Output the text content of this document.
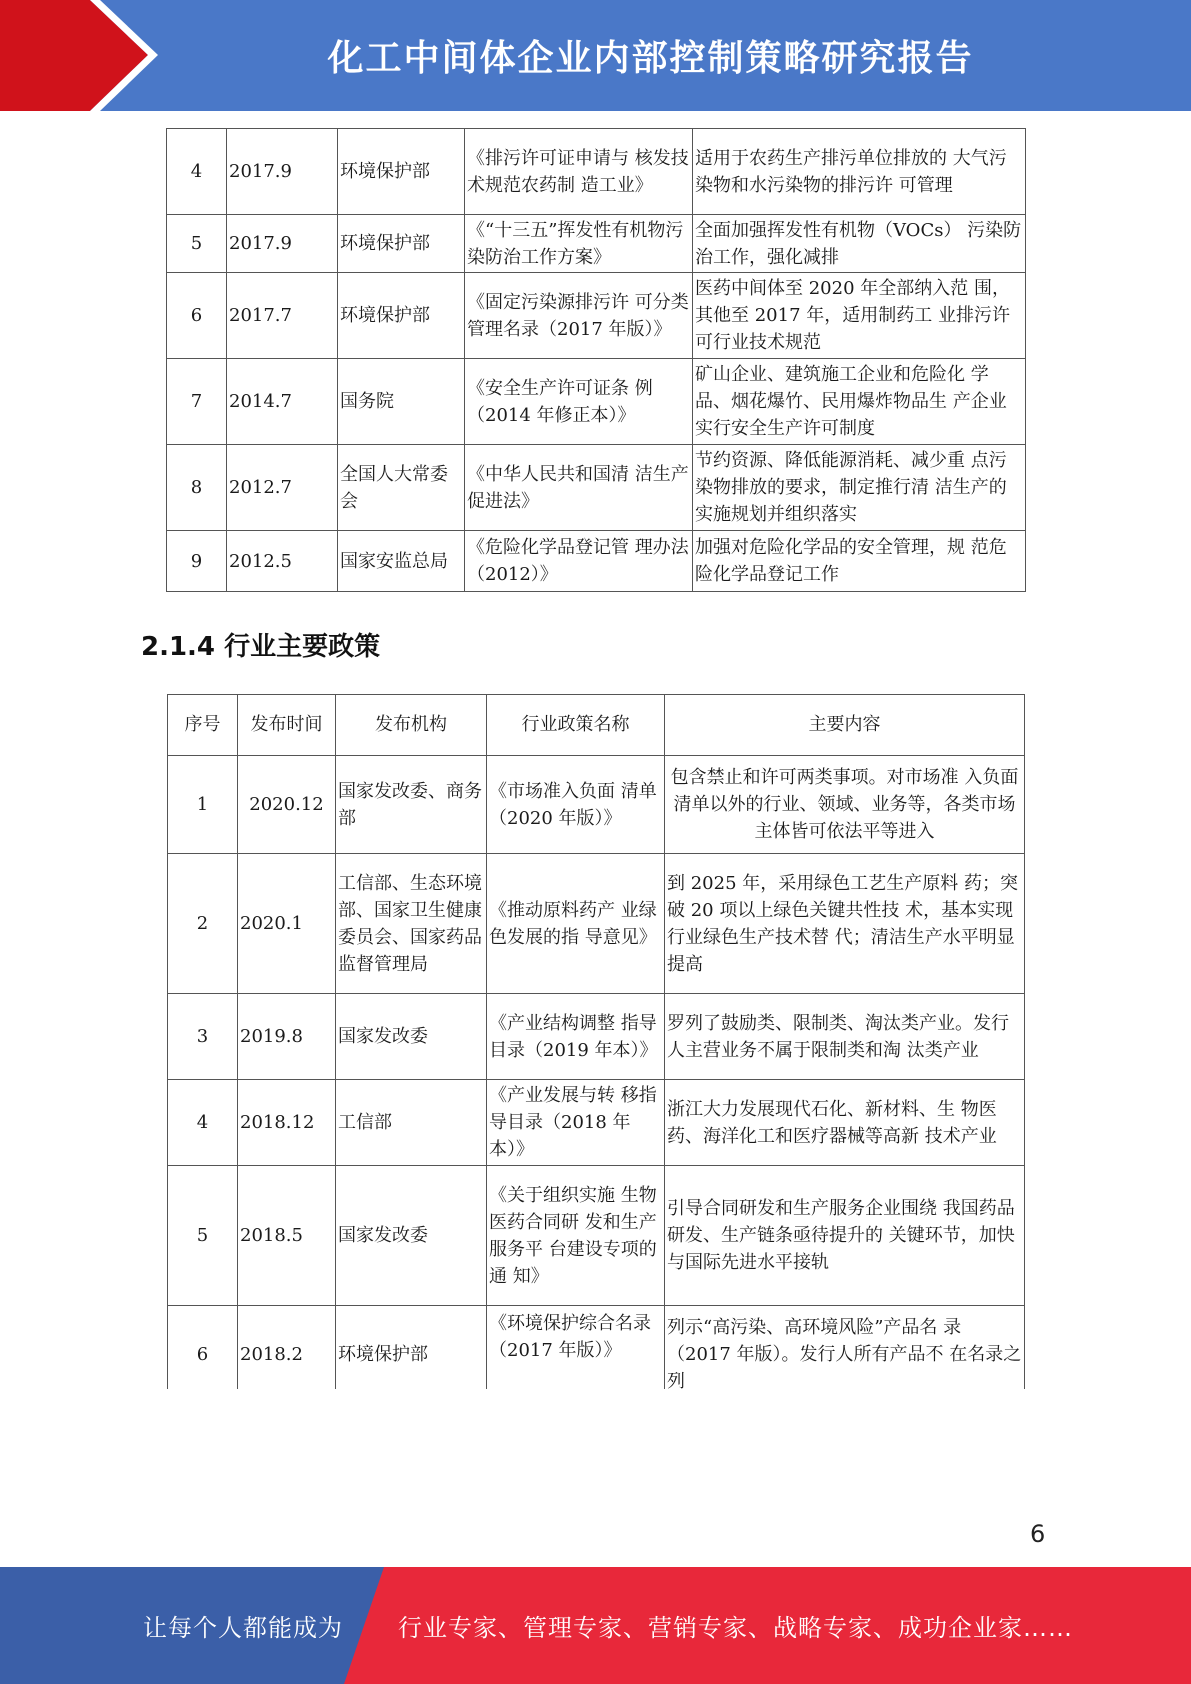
化工中间体企业内部控制策略研究报告
4	2017.9	环境保护部	《排污许可证申请与 核发技术规范农药制 造工业》	适用于农药生产排污单位排放的 大气污染物和水污染物的排污许 可管理
5	2017.9	环境保护部	《“十三五”挥发性有机物污染防治工作方案》	全面加强挥发性有机物（VOCs） 污染防治工作，强化减排
6	2017.7	环境保护部	《固定污染源排污许 可分类管理名录（2017 年版）》	医药中间体至 2020 年全部纳入范 围，其他至 2017 年，适用制药工 业排污许可行业技术规范
7	2014.7	国务院	《安全生产许可证条 例（2014 年修正本）》	矿山企业、建筑施工企业和危险化 学品、烟花爆竹、民用爆炸物品生 产企业实行安全生产许可制度
8	2012.7	全国人大常委会	《中华人民共和国清 洁生产促进法》	节约资源、降低能源消耗、减少重 点污染物排放的要求，制定推行清 洁生产的实施规划并组织落实
9	2012.5	国家安监总局	《危险化学品登记管 理办法（2012）》	加强对危险化学品的安全管理，规 范危险化学品登记工作
2.1.4 行业主要政策
序号	发布时间	发布机构	行业政策名称	主要内容
1	2020.12	国家发改委、商务部	《市场准入负面 清单（2020 年版）》	包含禁止和许可两类事项。对市场准 入负面清单以外的行业、领域、业务等，各类市场主体皆可依法平等进入
2	2020.1	工信部、生态环境部、国家卫生健康委员会、国家药品监督管理局	《推动原料药产 业绿色发展的指 导意见》	到 2025 年，采用绿色工艺生产原料 药；突破 20 项以上绿色关键共性技 术，基本实现行业绿色生产技术替 代；清洁生产水平明显提高
3	2019.8	国家发改委	《产业结构调整 指导目录（2019 年本）》	罗列了鼓励类、限制类、淘汰类产业。发行人主营业务不属于限制类和淘 汰类产业
4	2018.12	工信部	《产业发展与转 移指导目录（2018 年本）》	浙江大力发展现代石化、新材料、生 物医药、海洋化工和医疗器械等高新 技术产业
5	2018.5	国家发改委	《关于组织实施 生物医药合同研 发和生产服务平 台建设专项的通 知》	引导合同研发和生产服务企业围绕 我国药品研发、生产链条亟待提升的 关键环节，加快与国际先进水平接轨
6	2018.2	环境保护部	《环境保护综合名录（2017 年版）》	列示“高污染、高环境风险”产品名 录（2017 年版）。发行人所有产品不 在名录之列
6
让每个人都能成为 行业专家、管理专家、营销专家、战略专家、成功企业家……
